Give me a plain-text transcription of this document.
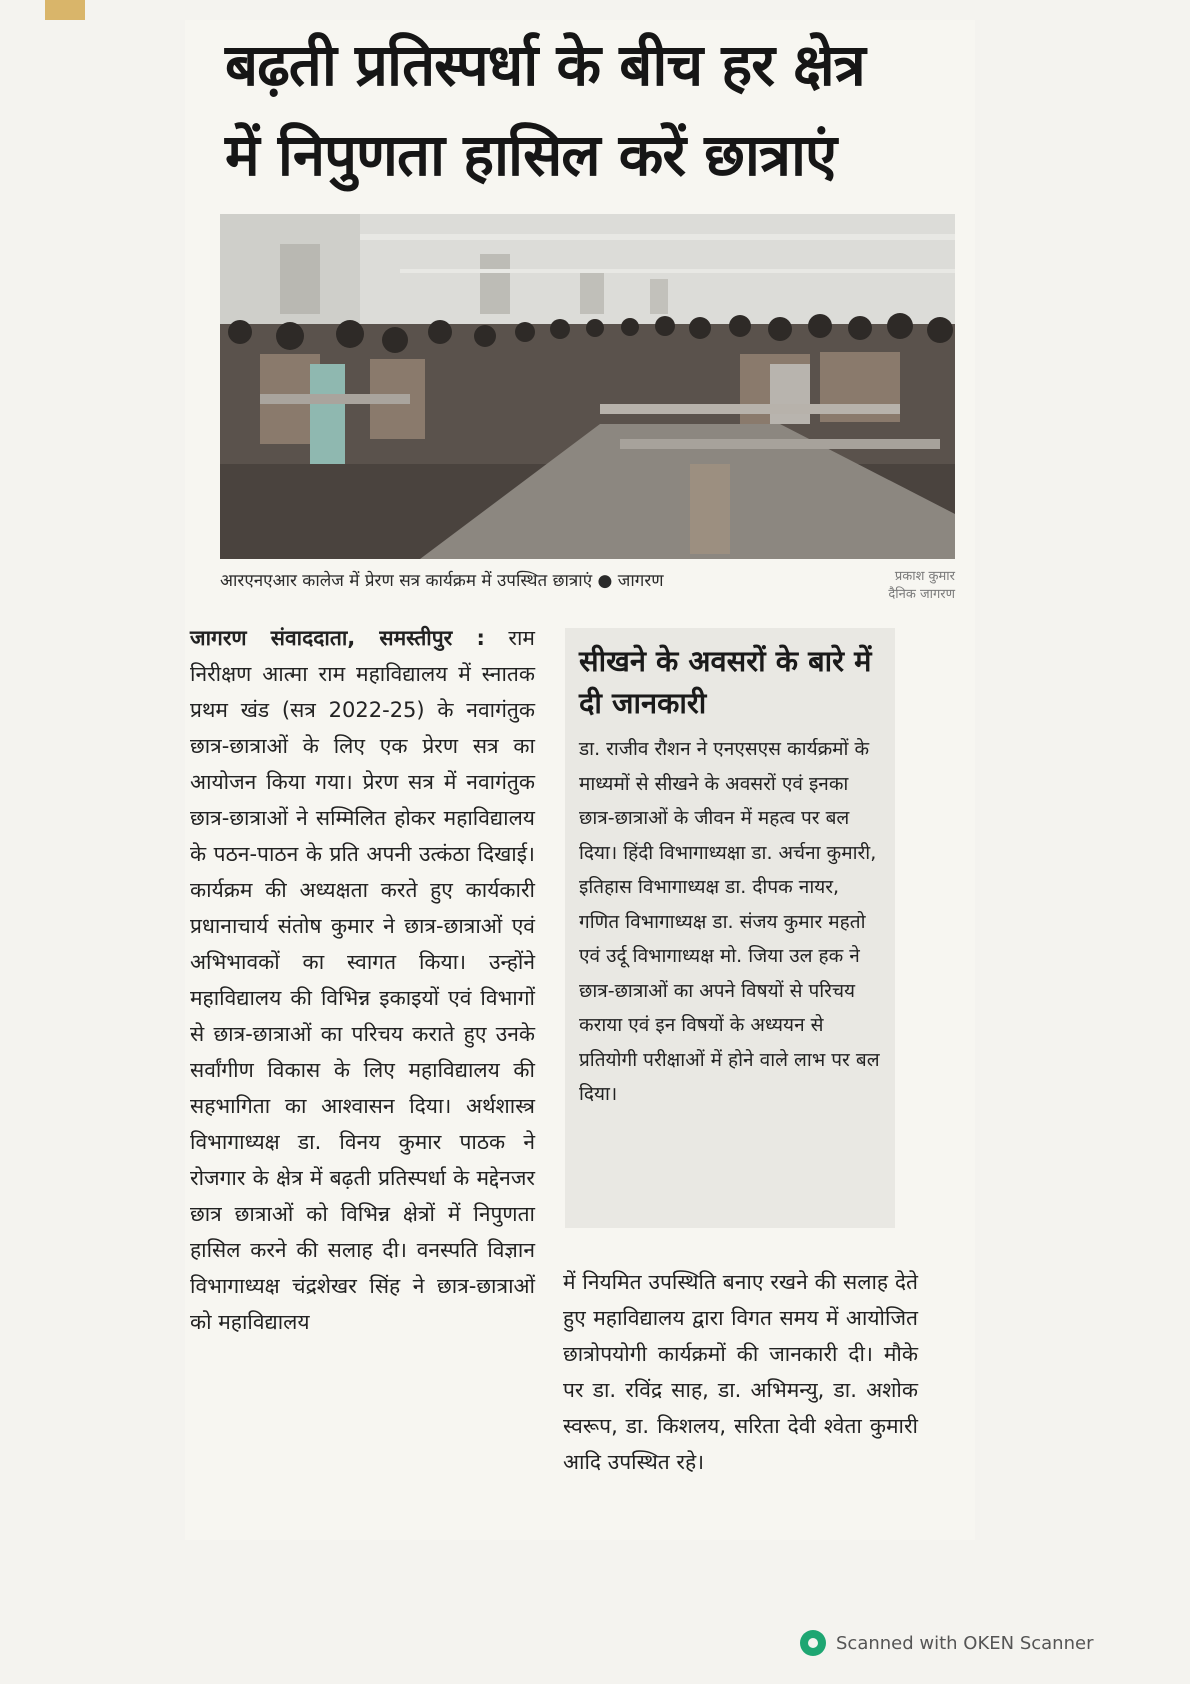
बढ़ती प्रतिस्पर्धा के बीच हर क्षेत्र
में निपुणता हासिल करें छात्राएं
आरएनएआर कालेज में प्रेरण सत्र कार्यक्रम में उपस्थित छात्राएं ● जागरण	प्रकाश कुमार
दैनिक जागरण
जागरण संवाददाता, समस्तीपुर : राम निरीक्षण आत्मा राम महाविद्यालय में स्नातक प्रथम खंड (सत्र 2022-25) के नवागंतुक छात्र-छात्राओं के लिए एक प्रेरण सत्र का आयोजन किया गया। प्रेरण सत्र में नवागंतुक छात्र-छात्राओं ने सम्मिलित होकर महाविद्यालय के पठन-पाठन के प्रति अपनी उत्कंठा दिखाई। कार्यक्रम की अध्यक्षता करते हुए कार्यकारी प्रधानाचार्य संतोष कुमार ने छात्र-छात्राओं एवं अभिभावकों का स्वागत किया। उन्होंने महाविद्यालय की विभिन्न इकाइयों एवं विभागों से छात्र-छात्राओं का परिचय कराते हुए उनके सर्वांगीण विकास के लिए महाविद्यालय की सहभागिता का आश्वासन दिया। अर्थशास्त्र विभागाध्यक्ष डा. विनय कुमार पाठक ने रोजगार के क्षेत्र में बढ़ती प्रतिस्पर्धा के मद्देनजर छात्र छात्राओं को विभिन्न क्षेत्रों में निपुणता हासिल करने की सलाह दी। वनस्पति विज्ञान विभागाध्यक्ष चंद्रशेखर सिंह ने छात्र-छात्राओं को महाविद्यालय
सीखने के अवसरों के बारे में दी जानकारी

डा. राजीव रौशन ने एनएसएस कार्यक्रमों के माध्यमों से सीखने के अवसरों एवं इनका छात्र-छात्राओं के जीवन में महत्व पर बल दिया। हिंदी विभागाध्यक्षा डा. अर्चना कुमारी, इतिहास विभागाध्यक्ष डा. दीपक नायर, गणित विभागाध्यक्ष डा. संजय कुमार महतो एवं उर्दू विभागाध्यक्ष मो. जिया उल हक ने छात्र-छात्राओं का अपने विषयों से परिचय कराया एवं इन विषयों के अध्ययन से प्रतियोगी परीक्षाओं में होने वाले लाभ पर बल दिया।

में नियमित उपस्थिति बनाए रखने की सलाह देते हुए महाविद्यालय द्वारा विगत समय में आयोजित छात्रोपयोगी कार्यक्रमों की जानकारी दी। मौके पर डा. रविंद्र साह, डा. अभिमन्यु, डा. अशोक स्वरूप, डा. किशलय, सरिता देवी श्वेता कुमारी आदि उपस्थित रहे।
Scanned with OKEN Scanner
